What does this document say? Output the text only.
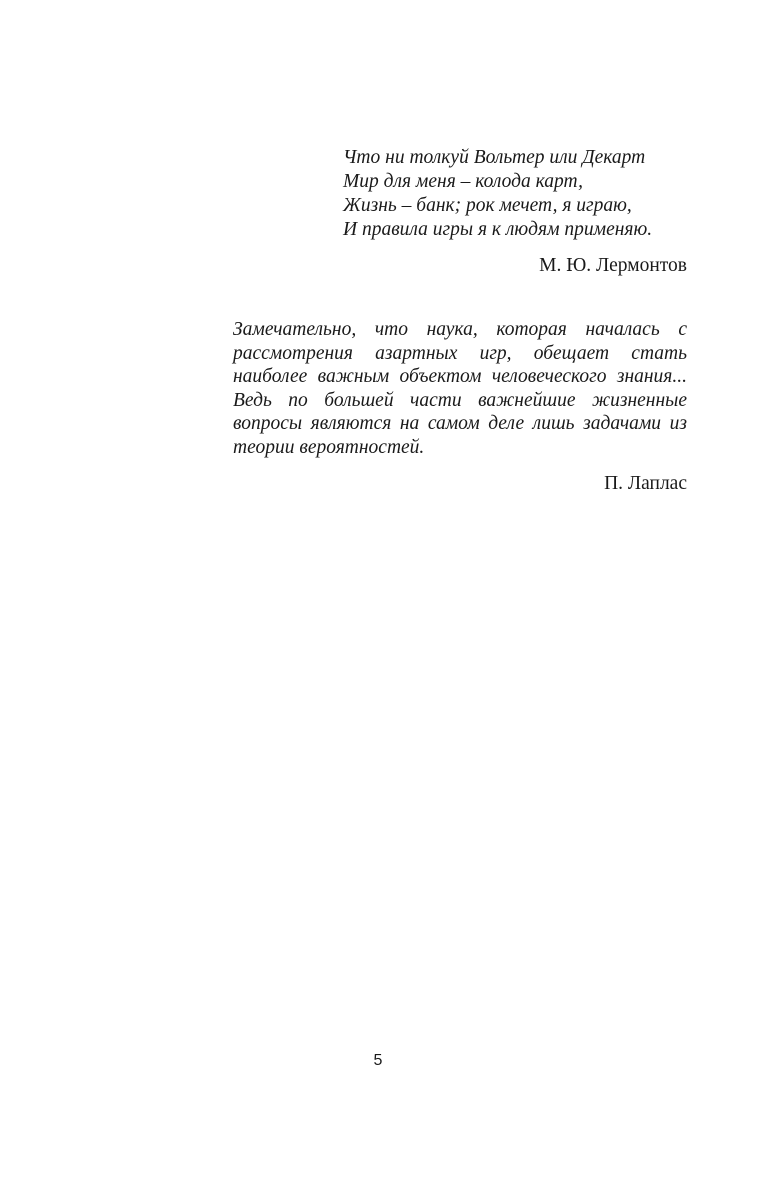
Что ни толкуй Вольтер или Декарт
Мир для меня – колода карт,
Жизнь – банк; рок мечет, я играю,
И правила игры я к людям применяю.
М. Ю. Лермонтов
Замечательно, что наука, которая началась с
рассмотрения азартных игр, обещает стать
наиболее важным объектом человеческого знания...
Ведь по большей части важнейшие жизненные
вопросы являются на самом деле лишь задачами из
теории вероятностей.
П. Лаплас
5
